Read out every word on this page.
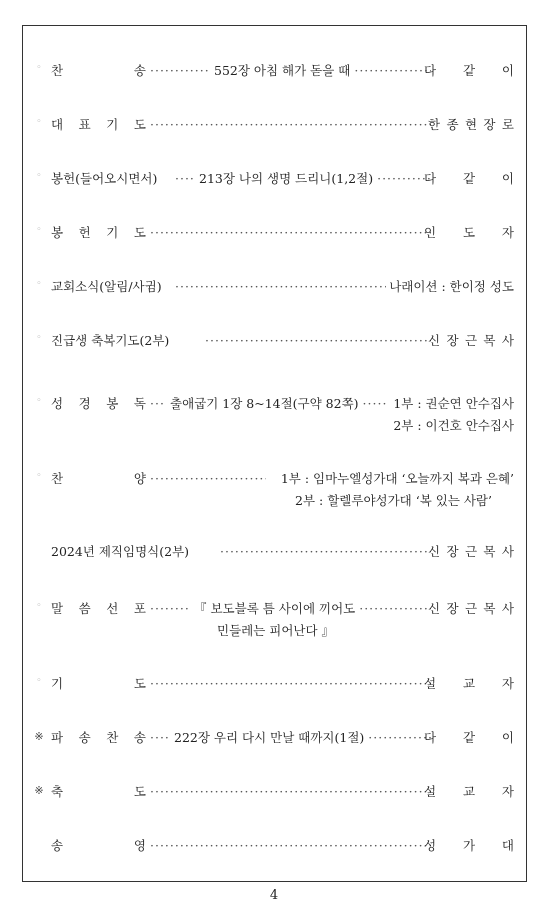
◦ 찬	송 ·····	552장 아침 해가 돋을 때 ·····	다 같 이
◦ 대 표 기 도 ·····	한 종 현 장 로
◦ 봉헌(들어오시면서) ·····	213장 나의 생명 드리니(1,2절) ·····	다 같 이
◦ 봉 헌 기 도 ·····	인 도 자
◦ 교회소식(알림/사귐) ·····	나래이션 : 한이정 성도
◦ 진급생 축복기도(2부) ·····	신 장 근 목 사
◦ 성 경 봉 독 ·····	출애굽기 1장 8~14절(구약 82쪽) ·····	1부 : 권순연 안수집사
2부 : 이건호 안수집사
◦ 찬	양 ·····	1부 : 임마누엘성가대 ‘오늘까지 복과 은혜’
2부 : 할렐루야성가대 ‘복 있는 사람’
2024년 제직임명식(2부) ·····	신 장 근 목 사
◦ 말 씀 선 포 ·····	『 보도블록 틈 사이에 끼어도 ·····	신 장 근 목 사
민들레는 피어난다 』
◦ 기	도 ·····	설 교 자
※ 파 송 찬 송 ·····	222장 우리 다시 만날 때까지(1절) ·····	다 같 이
※ 축	도 ·····	설 교 자
송	영 ·····	성 가 대
4
